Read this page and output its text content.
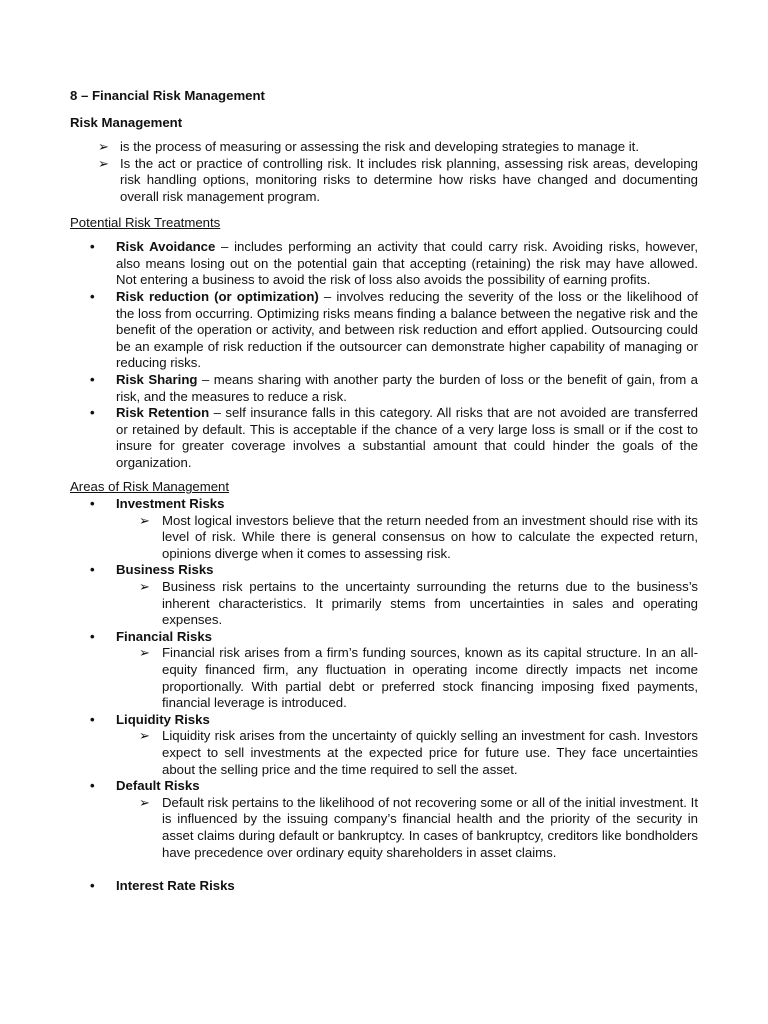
8 – Financial Risk Management
Risk Management
➢ is the process of measuring or assessing the risk and developing strategies to manage it.
➢ Is the act or practice of controlling risk. It includes risk planning, assessing risk areas, developing risk handling options, monitoring risks to determine how risks have changed and documenting overall risk management program.
Potential Risk Treatments
• Risk Avoidance – includes performing an activity that could carry risk. Avoiding risks, however, also means losing out on the potential gain that accepting (retaining) the risk may have allowed. Not entering a business to avoid the risk of loss also avoids the possibility of earning profits.
• Risk reduction (or optimization) – involves reducing the severity of the loss or the likelihood of the loss from occurring. Optimizing risks means finding a balance between the negative risk and the benefit of the operation or activity, and between risk reduction and effort applied. Outsourcing could be an example of risk reduction if the outsourcer can demonstrate higher capability of managing or reducing risks.
• Risk Sharing – means sharing with another party the burden of loss or the benefit of gain, from a risk, and the measures to reduce a risk.
• Risk Retention – self insurance falls in this category. All risks that are not avoided are transferred or retained by default. This is acceptable if the chance of a very large loss is small or if the cost to insure for greater coverage involves a substantial amount that could hinder the goals of the organization.
Areas of Risk Management
• Investment Risks
➢ Most logical investors believe that the return needed from an investment should rise with its level of risk. While there is general consensus on how to calculate the expected return, opinions diverge when it comes to assessing risk.
• Business Risks
➢ Business risk pertains to the uncertainty surrounding the returns due to the business’s inherent characteristics. It primarily stems from uncertainties in sales and operating expenses.
• Financial Risks
➢ Financial risk arises from a firm’s funding sources, known as its capital structure. In an all-equity financed firm, any fluctuation in operating income directly impacts net income proportionally. With partial debt or preferred stock financing imposing fixed payments, financial leverage is introduced.
• Liquidity Risks
➢ Liquidity risk arises from the uncertainty of quickly selling an investment for cash. Investors expect to sell investments at the expected price for future use. They face uncertainties about the selling price and the time required to sell the asset.
• Default Risks
➢ Default risk pertains to the likelihood of not recovering some or all of the initial investment. It is influenced by the issuing company’s financial health and the priority of the security in asset claims during default or bankruptcy. In cases of bankruptcy, creditors like bondholders have precedence over ordinary equity shareholders in asset claims.
• Interest Rate Risks
